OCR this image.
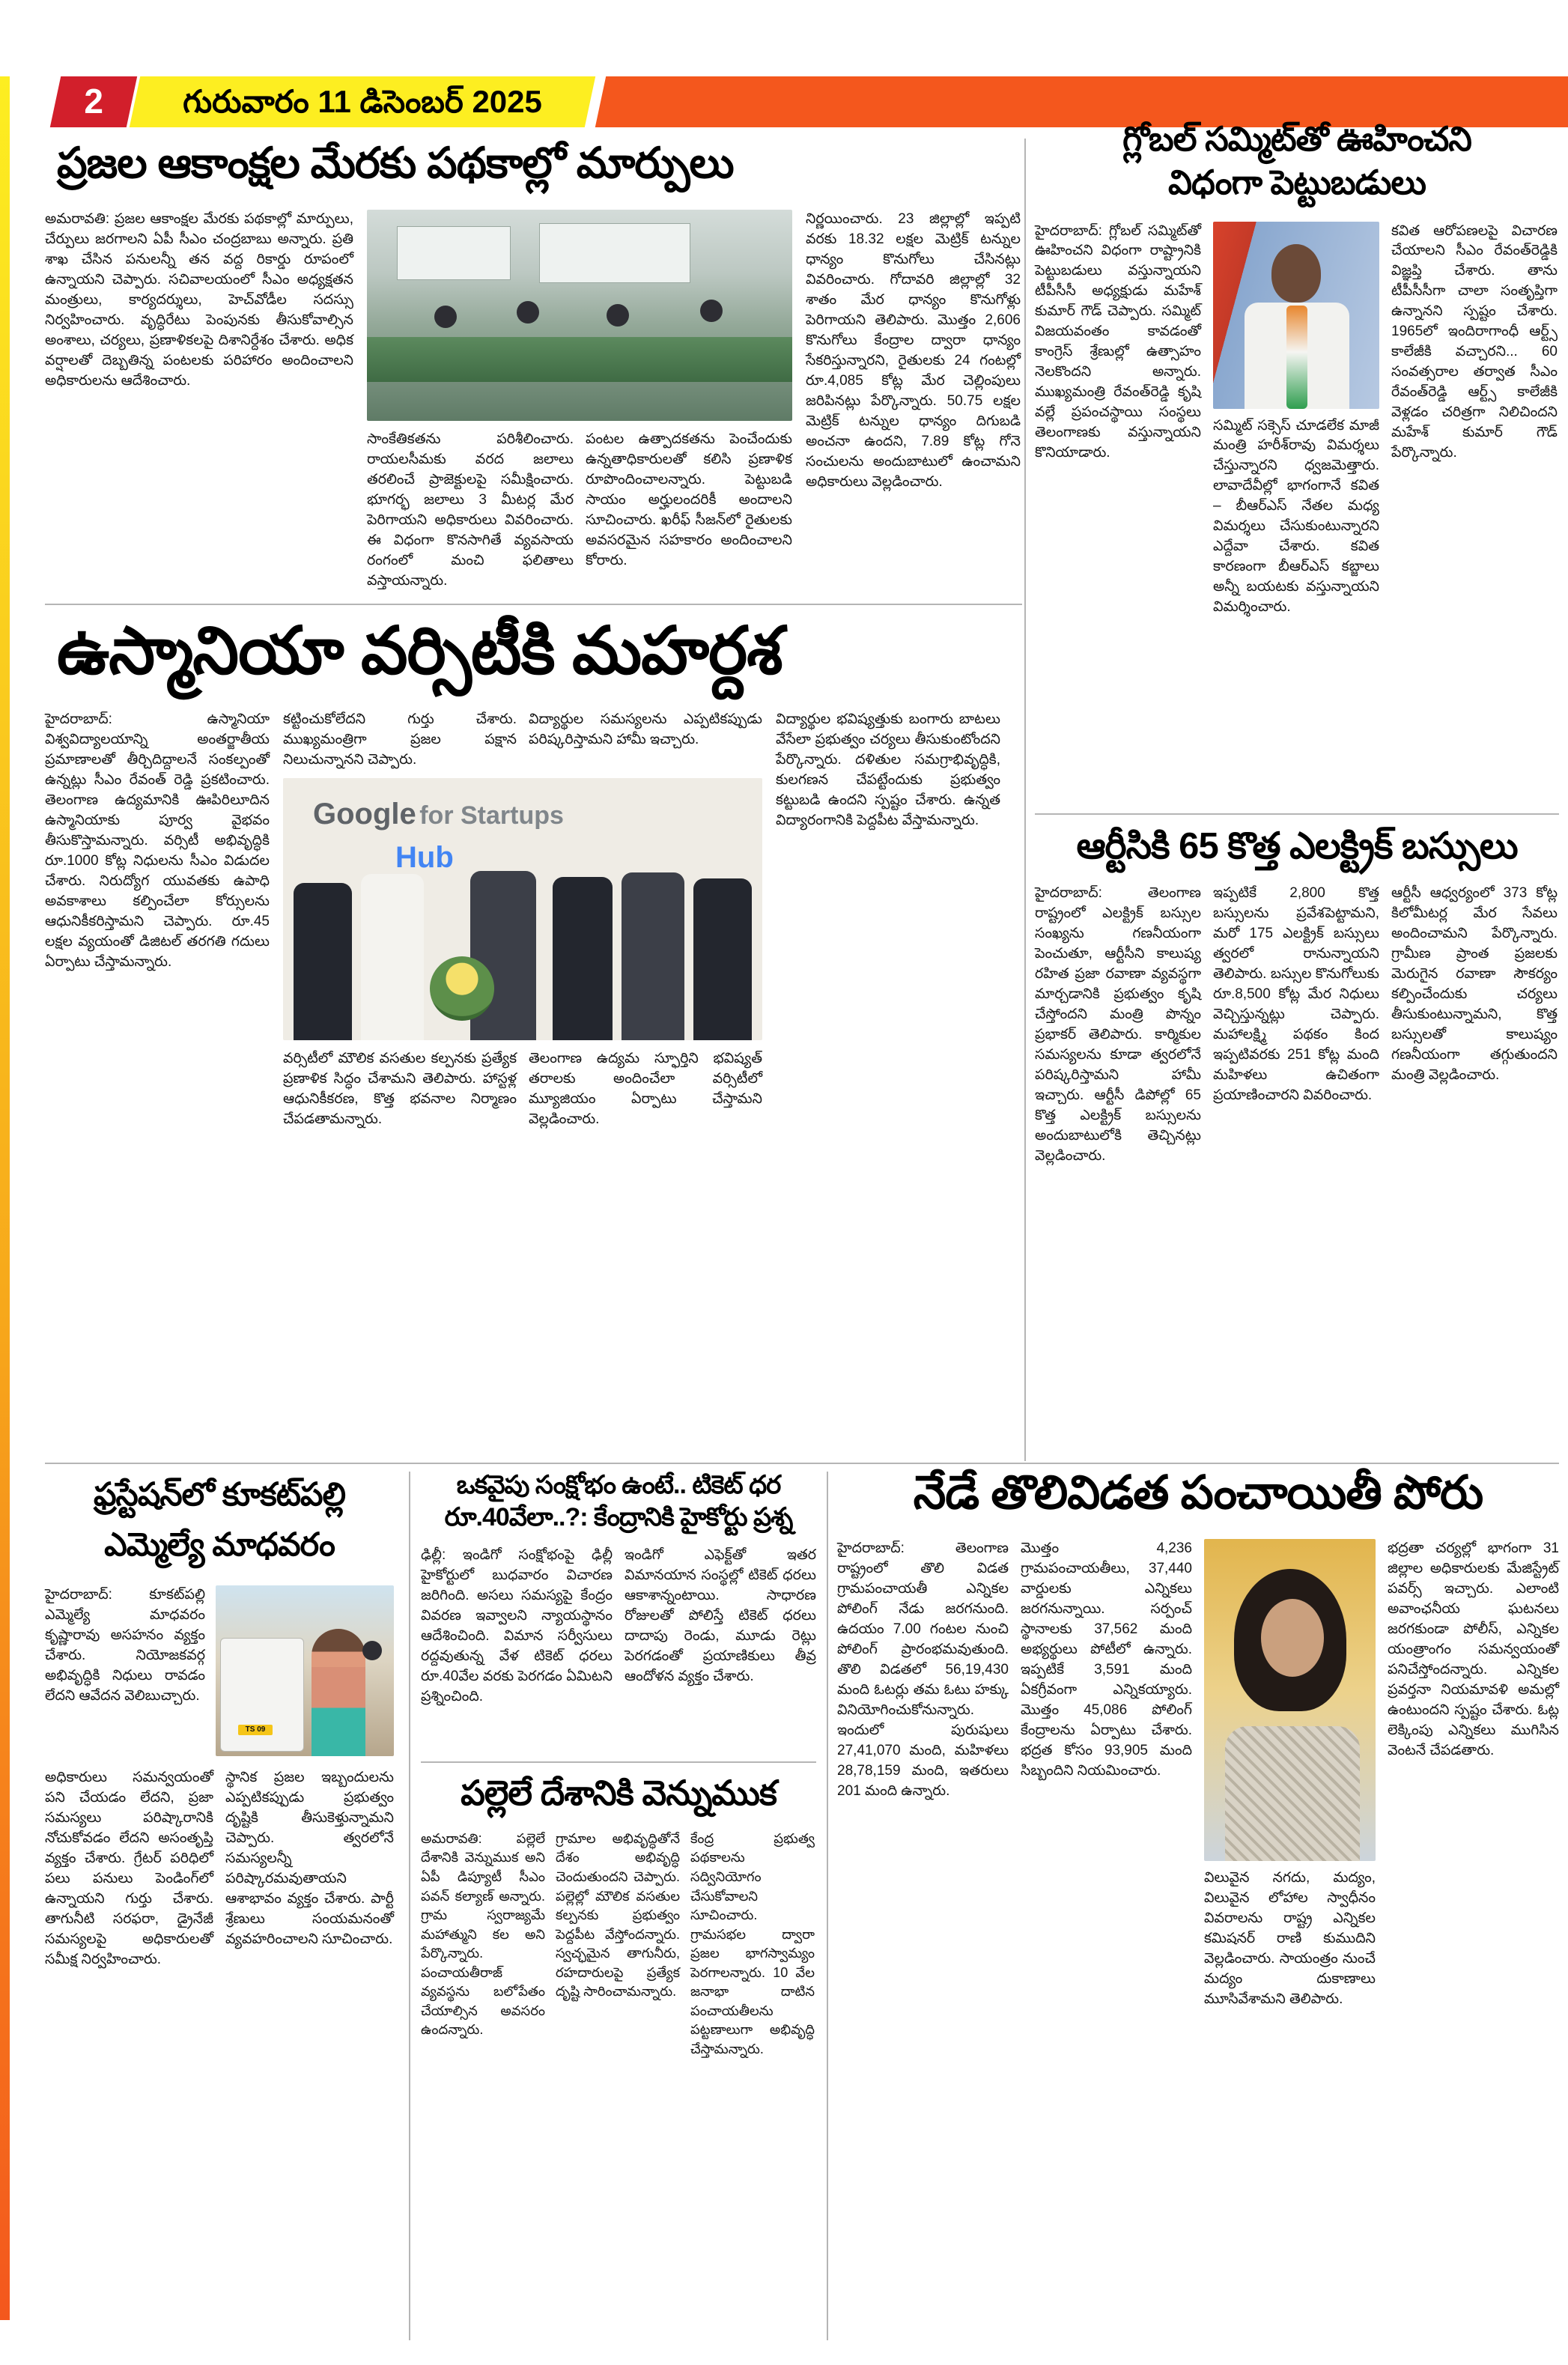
2	గురువారం 11 డిసెంబర్ 2025
ప్రజల ఆకాంక్షల మేరకు పథకాల్లో మార్పులు
అమరావతి: ప్రజల ఆకాంక్షల మేరకు పథకాల్లో మార్పులు, చేర్పులు జరగాలని ఏపీ సీఎం చంద్రబాబు అన్నారు. ప్రతి శాఖ చేసిన పనులన్నీ తన వద్ద రికార్డు రూపంలో ఉన్నాయని చెప్పారు. సచివాలయంలో సీఎం అధ్యక్షతన మంత్రులు, కార్యదర్శులు, హెచ్‌వోడీల సదస్సు నిర్వహించారు. వృద్ధిరేటు పెంపునకు తీసుకోవాల్సిన అంశాలు, చర్యలు, ప్రణాళికలపై దిశానిర్దేశం చేశారు. అధిక వర్షాలతో దెబ్బతిన్న పంటలకు పరిహారం అందించాలని అధికారులను ఆదేశించారు.
సాంకేతికతను పరిశీలించారు. రాయలసీమకు వరద జలాలు తరలించే ప్రాజెక్టులపై సమీక్షించారు. భూగర్భ జలాలు 3 మీటర్ల మేర పెరిగాయని అధికారులు వివరించారు. ఈ విధంగా కొనసాగితే వ్యవసాయ రంగంలో మంచి ఫలితాలు వస్తాయన్నారు.
పంటల ఉత్పాదకతను పెంచేందుకు ఉన్నతాధికారులతో కలిసి ప్రణాళిక రూపొందించాలన్నారు. పెట్టుబడి సాయం అర్హులందరికీ అందాలని సూచించారు. ఖరీఫ్ సీజన్‌లో రైతులకు అవసరమైన సహకారం అందించాలని కోరారు.
నిర్ణయించారు. 23 జిల్లాల్లో ఇప్పటి వరకు 18.32 లక్షల మెట్రిక్ టన్నుల ధాన్యం కొనుగోలు చేసినట్లు వివరించారు. గోదావరి జిల్లాల్లో 32 శాతం మేర ధాన్యం కొనుగోళ్లు పెరిగాయని తెలిపారు. మొత్తం 2,606 కొనుగోలు కేంద్రాల ద్వారా ధాన్యం సేకరిస్తున్నారని, రైతులకు 24 గంటల్లో రూ.4,085 కోట్ల మేర చెల్లింపులు జరిపినట్లు పేర్కొన్నారు. 50.75 లక్షల మెట్రిక్ టన్నుల ధాన్యం దిగుబడి అంచనా ఉందని, 7.89 కోట్ల గోనె సంచులను అందుబాటులో ఉంచామని అధికారులు వెల్లడించారు.
గ్లోబల్ సమ్మిట్‌తో ఊహించని
విధంగా పెట్టుబడులు
హైదరాబాద్: గ్లోబల్ సమ్మిట్‌తో ఊహించని విధంగా రాష్ట్రానికి పెట్టుబడులు వస్తున్నాయని టీపీసీసీ అధ్యక్షుడు మహేశ్ కుమార్ గౌడ్ చెప్పారు. సమ్మిట్ విజయవంతం కావడంతో కాంగ్రెస్ శ్రేణుల్లో ఉత్సాహం నెలకొందని అన్నారు. ముఖ్యమంత్రి రేవంత్‌రెడ్డి కృషి వల్లే ప్రపంచస్థాయి సంస్థలు తెలంగాణకు వస్తున్నాయని కొనియాడారు.
సమ్మిట్ సక్సెస్ చూడలేక మాజీ మంత్రి హరీశ్‌రావు విమర్శలు చేస్తున్నారని ధ్వజమెత్తారు. లావాదేవీల్లో భాగంగానే కవిత – బీఆర్ఎస్ నేతల మధ్య విమర్శలు చేసుకుంటున్నారని ఎద్దేవా చేశారు. కవిత కారణంగా బీఆర్ఎస్ కబ్జాలు అన్నీ బయటకు వస్తున్నాయని విమర్శించారు.
కవిత ఆరోపణలపై విచారణ చేయాలని సీఎం రేవంత్‌రెడ్డికి విజ్ఞప్తి చేశారు. తాను టీపీసీసీగా చాలా సంతృప్తిగా ఉన్నానని స్పష్టం చేశారు. 1965లో ఇందిరాగాంధీ ఆర్ట్స్ కాలేజీకి వచ్చారని... 60 సంవత్సరాల తర్వాత సీఎం రేవంత్‌రెడ్డి ఆర్ట్స్ కాలేజీకి వెళ్లడం చరిత్రగా నిలిచిందని మహేశ్ కుమార్ గౌడ్ పేర్కొన్నారు.
ఉస్మానియా వర్సిటీకి మహర్దశ
హైదరాబాద్: ఉస్మానియా విశ్వవిద్యాలయాన్ని అంతర్జాతీయ ప్రమాణాలతో తీర్చిదిద్దాలనే సంకల్పంతో ఉన్నట్లు సీఎం రేవంత్ రెడ్డి ప్రకటించారు. తెలంగాణ ఉద్యమానికి ఊపిరిలూదిన ఉస్మానియాకు పూర్వ వైభవం తీసుకొస్తామన్నారు. వర్సిటీ అభివృద్ధికి రూ.1000 కోట్ల నిధులను సీఎం విడుదల చేశారు. నిరుద్యోగ యువతకు ఉపాధి అవకాశాలు కల్పించేలా కోర్సులను ఆధునికీకరిస్తామని చెప్పారు. రూ.45 లక్షల వ్యయంతో డిజిటల్ తరగతి గదులు ఏర్పాటు చేస్తామన్నారు.
కట్టించుకోలేదని గుర్తు చేశారు. ముఖ్యమంత్రిగా ప్రజల పక్షాన నిలుచున్నానని చెప్పారు.
విద్యార్థుల సమస్యలను ఎప్పటికప్పుడు పరిష్కరిస్తామని హామీ ఇచ్చారు.
Google for Startups
Hub
వర్సిటీలో మౌలిక వసతుల కల్పనకు ప్రత్యేక ప్రణాళిక సిద్ధం చేశామని తెలిపారు. హాస్టళ్ల ఆధునికీకరణ, కొత్త భవనాల నిర్మాణం చేపడతామన్నారు.
తెలంగాణ ఉద్యమ స్ఫూర్తిని భవిష్యత్ తరాలకు అందించేలా వర్సిటీలో మ్యూజియం ఏర్పాటు చేస్తామని వెల్లడించారు.
విద్యార్థుల భవిష్యత్తుకు బంగారు బాటలు వేసేలా ప్రభుత్వం చర్యలు తీసుకుంటోందని పేర్కొన్నారు. దళితుల సమగ్రాభివృద్ధికి, కులగణన చేపట్టేందుకు ప్రభుత్వం కట్టుబడి ఉందని స్పష్టం చేశారు. ఉన్నత విద్యారంగానికి పెద్దపీట వేస్తామన్నారు.
ఆర్టీసికి 65 కొత్త ఎలక్ట్రిక్ బస్సులు
హైదరాబాద్: తెలంగాణ రాష్ట్రంలో ఎలక్ట్రిక్ బస్సుల సంఖ్యను గణనీయంగా పెంచుతూ, ఆర్టీసీని కాలుష్య రహిత ప్రజా రవాణా వ్యవస్థగా మార్చడానికి ప్రభుత్వం కృషి చేస్తోందని మంత్రి పొన్నం ప్రభాకర్ తెలిపారు. కార్మికుల సమస్యలను కూడా త్వరలోనే పరిష్కరిస్తామని హామీ ఇచ్చారు. ఆర్టీసీ డిపోల్లో 65 కొత్త ఎలక్ట్రిక్ బస్సులను అందుబాటులోకి తెచ్చినట్లు వెల్లడించారు.
ఇప్పటికే 2,800 కొత్త బస్సులను ప్రవేశపెట్టామని, మరో 175 ఎలక్ట్రిక్ బస్సులు త్వరలో రానున్నాయని తెలిపారు. బస్సుల కొనుగోలుకు రూ.8,500 కోట్ల మేర నిధులు వెచ్చిస్తున్నట్లు చెప్పారు. మహాలక్ష్మి పథకం కింద ఇప్పటివరకు 251 కోట్ల మంది మహిళలు ఉచితంగా ప్రయాణించారని వివరించారు.
ఆర్టీసీ ఆధ్వర్యంలో 373 కోట్ల కిలోమీటర్ల మేర సేవలు అందించామని పేర్కొన్నారు. గ్రామీణ ప్రాంత ప్రజలకు మెరుగైన రవాణా సౌకర్యం కల్పించేందుకు చర్యలు తీసుకుంటున్నామని, కొత్త బస్సులతో కాలుష్యం గణనీయంగా తగ్గుతుందని మంత్రి వెల్లడించారు.
ఫ్రస్టేషన్‌లో కూకట్‌పల్లి
ఎమ్మెల్యే మాధవరం
హైదరాబాద్: కూకట్‌పల్లి ఎమ్మెల్యే మాధవరం కృష్ణారావు అసహనం వ్యక్తం చేశారు. నియోజకవర్గ అభివృద్ధికి నిధులు రావడం లేదని ఆవేదన వెలిబుచ్చారు.
TS 09
అధికారులు సమన్వయంతో పని చేయడం లేదని, ప్రజా సమస్యలు పరిష్కారానికి నోచుకోవడం లేదని అసంతృప్తి వ్యక్తం చేశారు. గ్రేటర్ పరిధిలో పలు పనులు పెండింగ్‌లో ఉన్నాయని గుర్తు చేశారు. తాగునీటి సరఫరా, డ్రైనేజీ సమస్యలపై అధికారులతో సమీక్ష నిర్వహించారు.
స్థానిక ప్రజల ఇబ్బందులను ఎప్పటికప్పుడు ప్రభుత్వం దృష్టికి తీసుకెళ్తున్నామని చెప్పారు. త్వరలోనే సమస్యలన్నీ పరిష్కారమవుతాయని ఆశాభావం వ్యక్తం చేశారు. పార్టీ శ్రేణులు సంయమనంతో వ్యవహరించాలని సూచించారు.
ఒకవైపు సంక్షోభం ఉంటే.. టికెట్ ధర
రూ.40వేలా..?: కేంద్రానికి హైకోర్టు ప్రశ్న
ఢిల్లీ: ఇండిగో సంక్షోభంపై ఢిల్లీ హైకోర్టులో బుధవారం విచారణ జరిగింది. అసలు సమస్యపై కేంద్రం వివరణ ఇవ్వాలని న్యాయస్థానం ఆదేశించింది. విమాన సర్వీసులు రద్దవుతున్న వేళ టికెట్ ధరలు రూ.40వేల వరకు పెరగడం ఏమిటని ప్రశ్నించింది.
ఇండిగో ఎఫెక్ట్‌తో ఇతర విమానయాన సంస్థల్లో టికెట్ ధరలు ఆకాశాన్నంటాయి. సాధారణ రోజులతో పోలిస్తే టికెట్ ధరలు దాదాపు రెండు, మూడు రెట్లు పెరగడంతో ప్రయాణికులు తీవ్ర ఆందోళన వ్యక్తం చేశారు.
పల్లెలే దేశానికి వెన్నుముక
అమరావతి: పల్లెలే దేశానికి వెన్నుముక అని ఏపీ డిప్యూటీ సీఎం పవన్ కల్యాణ్ అన్నారు. గ్రామ స్వరాజ్యమే మహాత్ముని కల అని పేర్కొన్నారు. పంచాయతీరాజ్ వ్యవస్థను బలోపేతం చేయాల్సిన అవసరం ఉందన్నారు.
గ్రామాల అభివృద్ధితోనే దేశం అభివృద్ధి చెందుతుందని చెప్పారు. పల్లెల్లో మౌలిక వసతుల కల్పనకు ప్రభుత్వం పెద్దపీట వేస్తోందన్నారు. స్వచ్ఛమైన తాగునీరు, రహదారులపై ప్రత్యేక దృష్టి సారించామన్నారు.
కేంద్ర ప్రభుత్వ పథకాలను సద్వినియోగం చేసుకోవాలని సూచించారు. గ్రామసభల ద్వారా ప్రజల భాగస్వామ్యం పెరగాలన్నారు. 10 వేల జనాభా దాటిన పంచాయతీలను పట్టణాలుగా అభివృద్ధి చేస్తామన్నారు.
నేడే తొలివిడత పంచాయితీ పోరు
హైదరాబాద్: తెలంగాణ రాష్ట్రంలో తొలి విడత గ్రామపంచాయతీ ఎన్నికల పోలింగ్ నేడు జరగనుంది. ఉదయం 7.00 గంటల నుంచి పోలింగ్ ప్రారంభమవుతుంది. తొలి విడతలో 56,19,430 మంది ఓటర్లు తమ ఓటు హక్కు వినియోగించుకోనున్నారు. ఇందులో పురుషులు 27,41,070 మంది, మహిళలు 28,78,159 మంది, ఇతరులు 201 మంది ఉన్నారు.
మొత్తం 4,236 గ్రామపంచాయతీలు, 37,440 వార్డులకు ఎన్నికలు జరగనున్నాయి. సర్పంచ్ స్థానాలకు 37,562 మంది అభ్యర్థులు పోటీలో ఉన్నారు. ఇప్పటికే 3,591 మంది ఏకగ్రీవంగా ఎన్నికయ్యారు. మొత్తం 45,086 పోలింగ్ కేంద్రాలను ఏర్పాటు చేశారు. భద్రత కోసం 93,905 మంది సిబ్బందిని నియమించారు.
విలువైన నగదు, మద్యం, విలువైన లోహాల స్వాధీనం వివరాలను రాష్ట్ర ఎన్నికల కమిషనర్ రాణి కుముదిని వెల్లడించారు. సాయంత్రం నుంచే మద్యం దుకాణాలు మూసివేశామని తెలిపారు.
భద్రతా చర్యల్లో భాగంగా 31 జిల్లాల అధికారులకు మేజిస్ట్రేట్ పవర్స్ ఇచ్చారు. ఎలాంటి అవాంఛనీయ ఘటనలు జరగకుండా పోలీస్, ఎన్నికల యంత్రాంగం సమన్వయంతో పనిచేస్తోందన్నారు. ఎన్నికల ప్రవర్తనా నియమావళి అమల్లో ఉంటుందని స్పష్టం చేశారు. ఓట్ల లెక్కింపు ఎన్నికలు ముగిసిన వెంటనే చేపడతారు.
